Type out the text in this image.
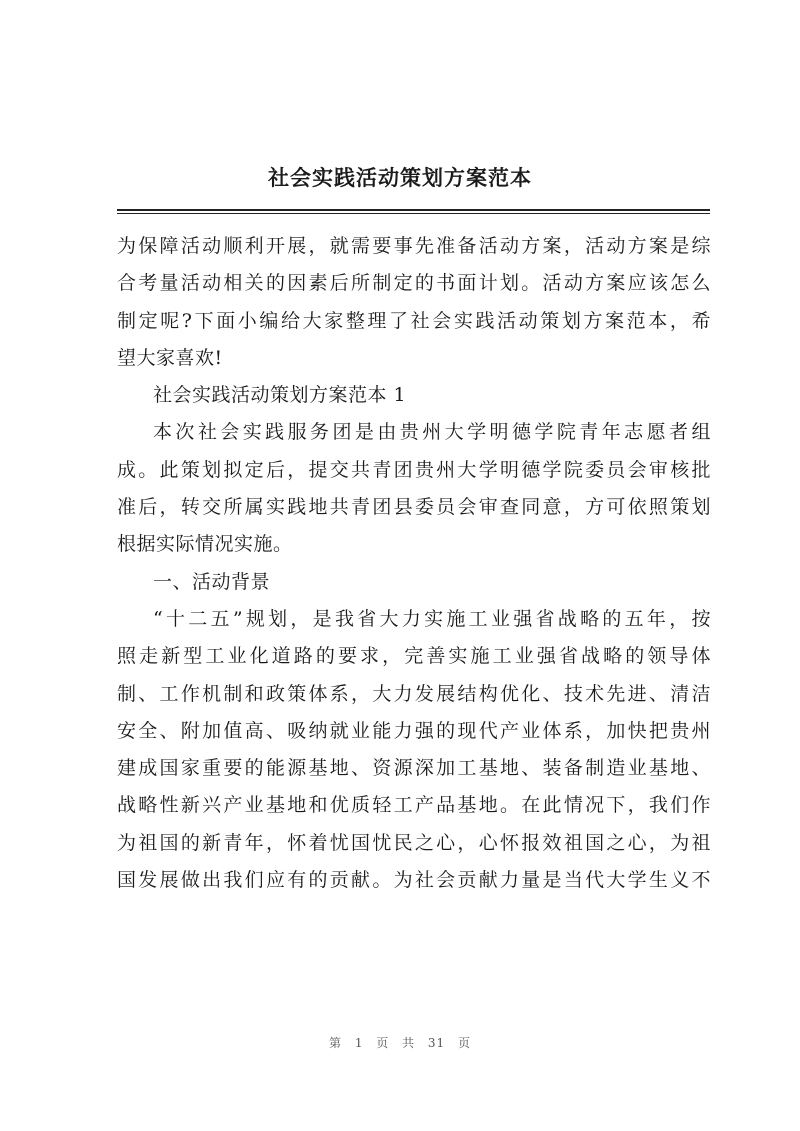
社会实践活动策划方案范本
为保障活动顺利开展，就需要事先准备活动方案，活动方案是综
合考量活动相关的因素后所制定的书面计划。活动方案应该怎么
制定呢?下面小编给大家整理了社会实践活动策划方案范本，希
望大家喜欢!
社会实践活动策划方案范本 1
本次社会实践服务团是由贵州大学明德学院青年志愿者组
成。此策划拟定后，提交共青团贵州大学明德学院委员会审核批
准后，转交所属实践地共青团县委员会审查同意，方可依照策划
根据实际情况实施。
一、活动背景
“十二五”规划，是我省大力实施工业强省战略的五年，按
照走新型工业化道路的要求，完善实施工业强省战略的领导体
制、工作机制和政策体系，大力发展结构优化、技术先进、清洁
安全、附加值高、吸纳就业能力强的现代产业体系，加快把贵州
建成国家重要的能源基地、资源深加工基地、装备制造业基地、
战略性新兴产业基地和优质轻工产品基地。在此情况下，我们作
为祖国的新青年，怀着忧国忧民之心，心怀报效祖国之心，为祖
国发展做出我们应有的贡献。为社会贡献力量是当代大学生义不
第 1 页 共 31 页
